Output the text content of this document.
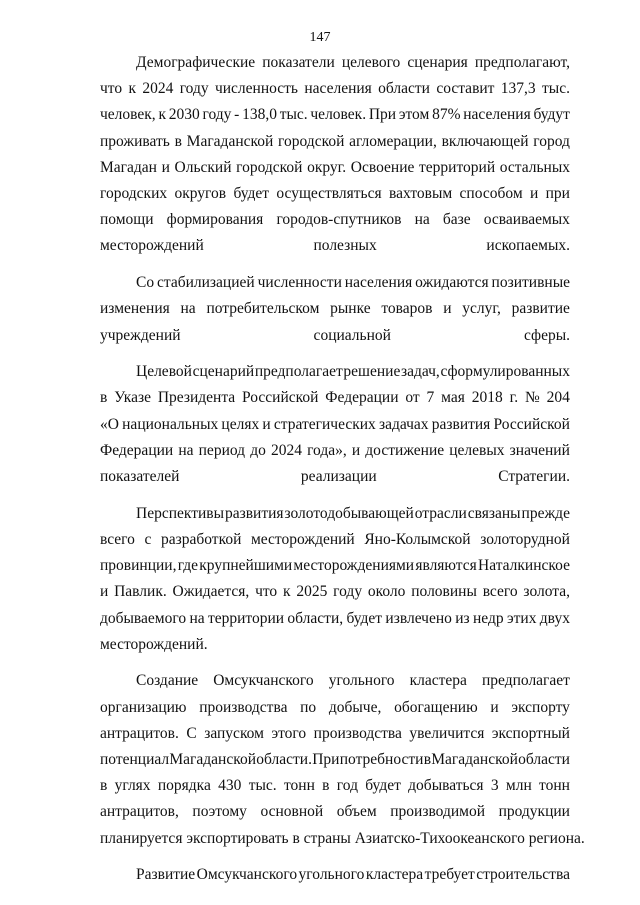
147
Демографические показатели целевого сценария предполагают,
что к 2024 году численность населения области составит 137,3 тыс.
человек, к 2030 году - 138,0 тыс. человек. При этом 87% населения будут
проживать в Магаданской городской агломерации, включающей город
Магадан и Ольский городской округ. Освоение территорий остальных
городских округов будет осуществляться вахтовым способом и при
помощи формирования городов-спутников на базе осваиваемых
месторождений полезных ископаемых.
Со стабилизацией численности населения ожидаются позитивные
изменения на потребительском рынке товаров и услуг, развитие
учреждений социальной сферы.
Целевой сценарий предполагает решение задач, сформулированных
в Указе Президента Российской Федерации от 7 мая 2018 г. № 204
«О национальных целях и стратегических задачах развития Российской
Федерации на период до 2024 года», и достижение целевых значений
показателей реализации Стратегии.
Перспективы развития золотодобывающей отрасли связаны прежде
всего с разработкой месторождений Яно-Колымской золоторудной
провинции, где крупнейшими месторождениями являются Наталкинское
и Павлик. Ожидается, что к 2025 году около половины всего золота,
добываемого на территории области, будет извлечено из недр этих двух
месторождений.
Создание Омсукчанского угольного кластера предполагает
организацию производства по добыче, обогащению и экспорту
антрацитов. С запуском этого производства увеличится экспортный
потенциал Магаданской области. При потребности в Магаданской области
в углях порядка 430 тыс. тонн в год будет добываться 3 млн тонн
антрацитов, поэтому основной объем производимой продукции
планируется экспортировать в страны Азиатско-Тихоокеанского региона.
Развитие Омсукчанского угольного кластера требует строительства
